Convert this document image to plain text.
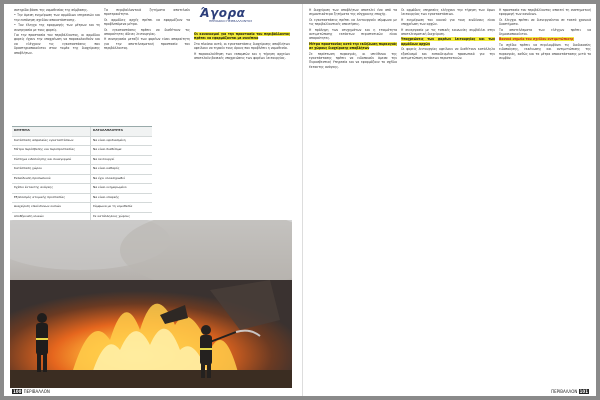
Άγορα
ΠΕΡΙΟΔΙΚΟ ΠΕΡΙΒΑΛΛΟΝΤΟΣ

σοτηρίδα βάσει της νομοθεσίας της σύμβασης.

• Την άμεση ενημέρωση των αρμόδιων υπηρεσιών και την εκπόνηση σχεδίου αποκατάστασης.

• Τον έλεγχο της εφαρμογής των μέτρων και τη συνεργασία με τους φορείς.

Για την προστασία του περιβάλλοντος, οι αρμόδιοι φορείς έχουν την υποχρέωση να παρακολουθούν και να ελέγχουν τις εγκαταστάσεις που δραστηριοποιούνται στον τομέα της διαχείρισης αποβλήτων.

Τα περιβαλλοντικά ζητήματα αποτελούν προτεραιότητα.

Οι αρμόδιες αρχές πρέπει να εφαρμόζουν τα προβλεπόμενα μέτρα.

Οι εγκαταστάσεις πρέπει να διαθέτουν τις απαραίτητες άδειες λειτουργίας.

Η συνεργασία μεταξύ των φορέων είναι απαραίτητη για την αποτελεσματική προστασία του περιβάλλοντος.

Οι κανονισμοί για την προστασία του περιβάλλοντος πρέπει να εφαρμόζονται με συνέπεια

Στο πλαίσιο αυτό, οι εγκαταστάσεις διαχείρισης αποβλήτων οφείλουν να τηρούν τους όρους που προβλέπει η νομοθεσία.

Η παρακολούθηση των εκπομπών και η τήρηση αρχείων αποτελούν βασικές υποχρεώσεις των φορέων λειτουργίας.

ΚΡΙΤΗΡΙΑ	ΚΑΤΑΛΛΗΛΟΤΗΤΑ
Κατάσταση ασφαλείας εγκαταστάσεων	Να είναι εφοδιασμένη
Μέτρα πυρόσβεσης και πυροπροστασίας	Να είναι διαθέσιμα
Σύστημα ειδοποίησης και συναγερμού	Να λειτουργεί
Κατάσταση χώρου	Να είναι καθαρός
Εκπαίδευση προσωπικού	Να έχει ολοκληρωθεί
Σχέδιο έκτακτης ανάγκης	Να είναι ενημερωμένο
Εξοπλισμός ατομικής προστασίας	Να είναι επαρκής
Διαχείριση επικίνδυνων ουσιών	Σύμφωνα με τη νομοθεσία
Αποθήκευση υλικών	Σε κατάλληλους χώρους
100 ΠΕΡΙΒΑΛΛΟΝ

Η διαχείριση των αποβλήτων αποτελεί ένα από τα σημαντικότερα ζητήματα της σύγχρονης εποχής.

Οι εγκαταστάσεις πρέπει να λειτουργούν σύμφωνα με τις περιβαλλοντικές απαιτήσεις.

Η πρόληψη των ατυχημάτων και η ετοιμότητα αντιμετώπισης εκτάκτων περιστατικών είναι απαραίτητες.

Μέτρα προστασίας κατά την εκδήλωση πυρκαγιάς σε χώρους διαχείρισης αποβλήτων

Σε περίπτωση πυρκαγιάς, οι υπεύθυνοι της εγκατάστασης πρέπει να ειδοποιούν άμεσα την Πυροσβεστική Υπηρεσία και να εφαρμόζουν το σχέδιο έκτακτης ανάγκης.

Οι αρμόδιες υπηρεσίες ελέγχουν την τήρηση των όρων λειτουργίας των εγκαταστάσεων.

Η ενημέρωση του κοινού για τους κινδύνους είναι υποχρέωση των αρχών.

Η συνεργασία με τις τοπικές κοινωνίες συμβάλλει στην αποτελεσματική διαχείριση.

Υποχρεώσεις των φορέων λειτουργίας και των αρμόδιων αρχών

Οι φορείς λειτουργίας οφείλουν να διαθέτουν κατάλληλο εξοπλισμό και εκπαιδευμένο προσωπικό για την αντιμετώπιση εκτάκτων περιστατικών.

Η προστασία του περιβάλλοντος απαιτεί τη συστηματική εφαρμογή των κανόνων.

Οι έλεγχοι πρέπει να διενεργούνται σε τακτά χρονικά διαστήματα.

Τα αποτελέσματα των ελέγχων πρέπει να δημοσιοποιούνται.

Βασικά σημεία του σχεδίου αντιμετώπισης

Το σχέδιο πρέπει να περιλαμβάνει τις διαδικασίες ειδοποίησης, εκκένωσης και αντιμετώπισης της πυρκαγιάς, καθώς και τα μέτρα αποκατάστασης μετά το συμβάν.

ΠΕΡΙΒΑΛΛΟΝ 101
